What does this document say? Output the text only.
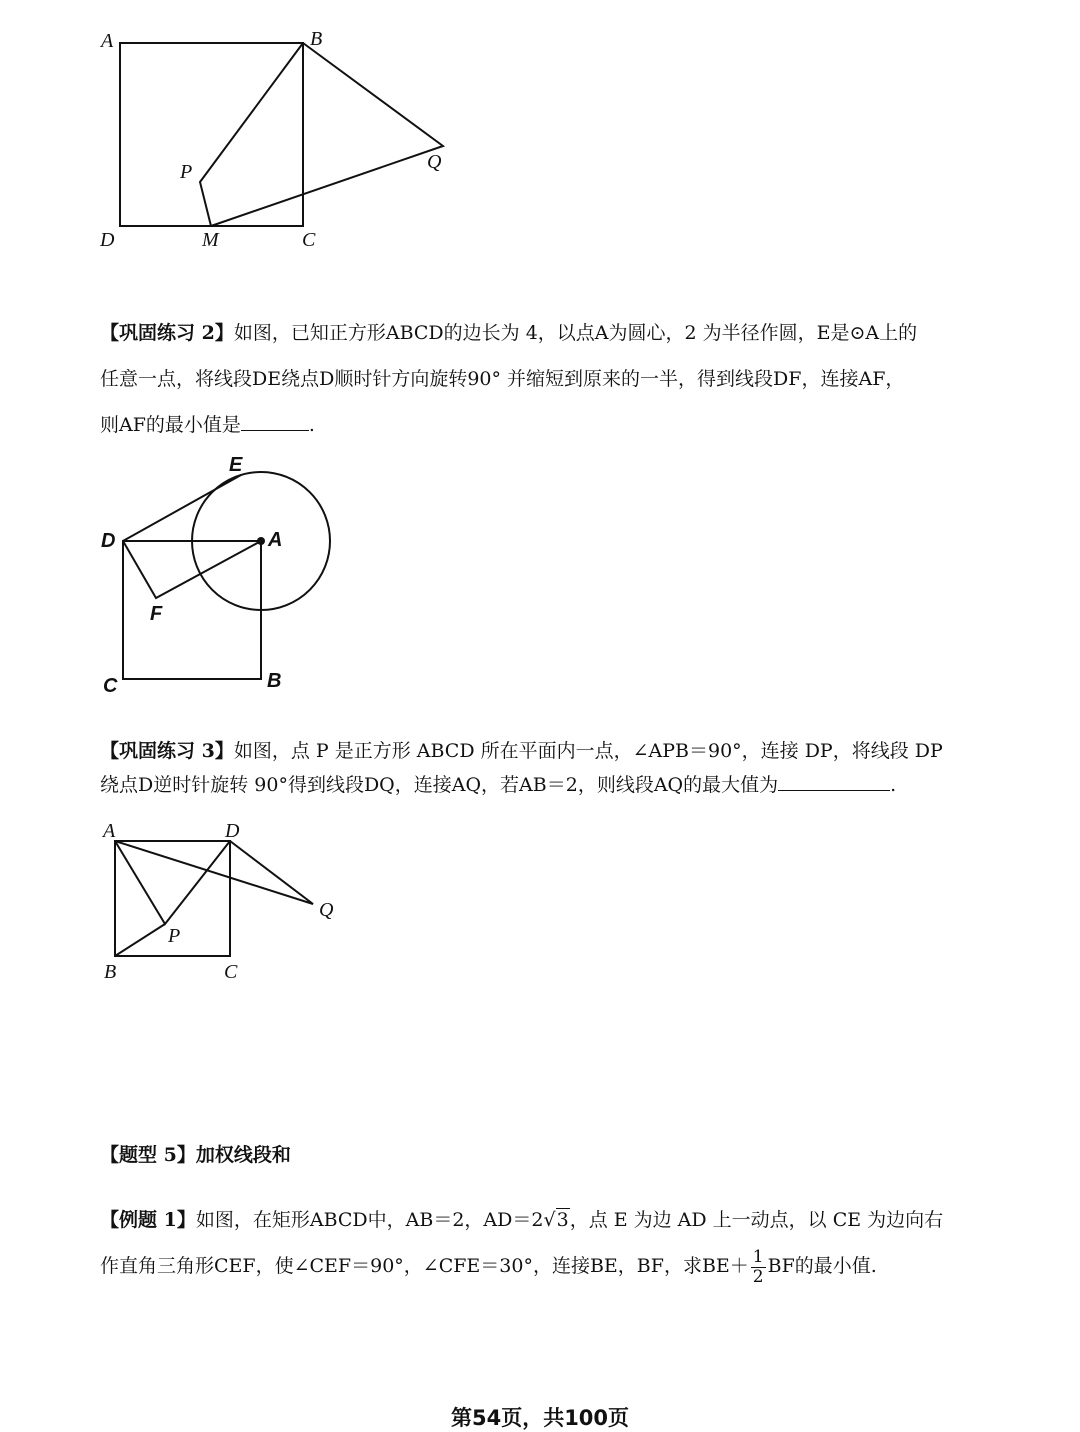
A	B
C
D	M
P	Q
【巩固练习 2】如图，已知正方形ABCD的边长为 4，以点A为圆心，2 为半径作圆，E是⊙A上的
任意一点，将线段DE绕点D顺时针方向旋转90° 并缩短到原来的一半，得到线段DF，连接AF，
则AF的最小值是	.
E
D	A
F
C	B
【巩固练习 3】如图，点 P 是正方形 ABCD 所在平面内一点，∠APB＝90°，连接 DP，将线段 DP
绕点D逆时针旋转 90°得到线段DQ，连接AQ，若AB＝2，则线段AQ的最大值为	.
A	D
Q
P
B	C
【题型 5】加权线段和
【例题 1】如图，在矩形ABCD中，AB＝2，AD＝2√3，点 E 为边 AD 上一动点，以 CE 为边向右
作直角三角形CEF，使∠CEF＝90°，∠CFE＝30°，连接BE，BF，求$BE+ \frac{1}{2}$ BF的最小值.
第54页，共100页
